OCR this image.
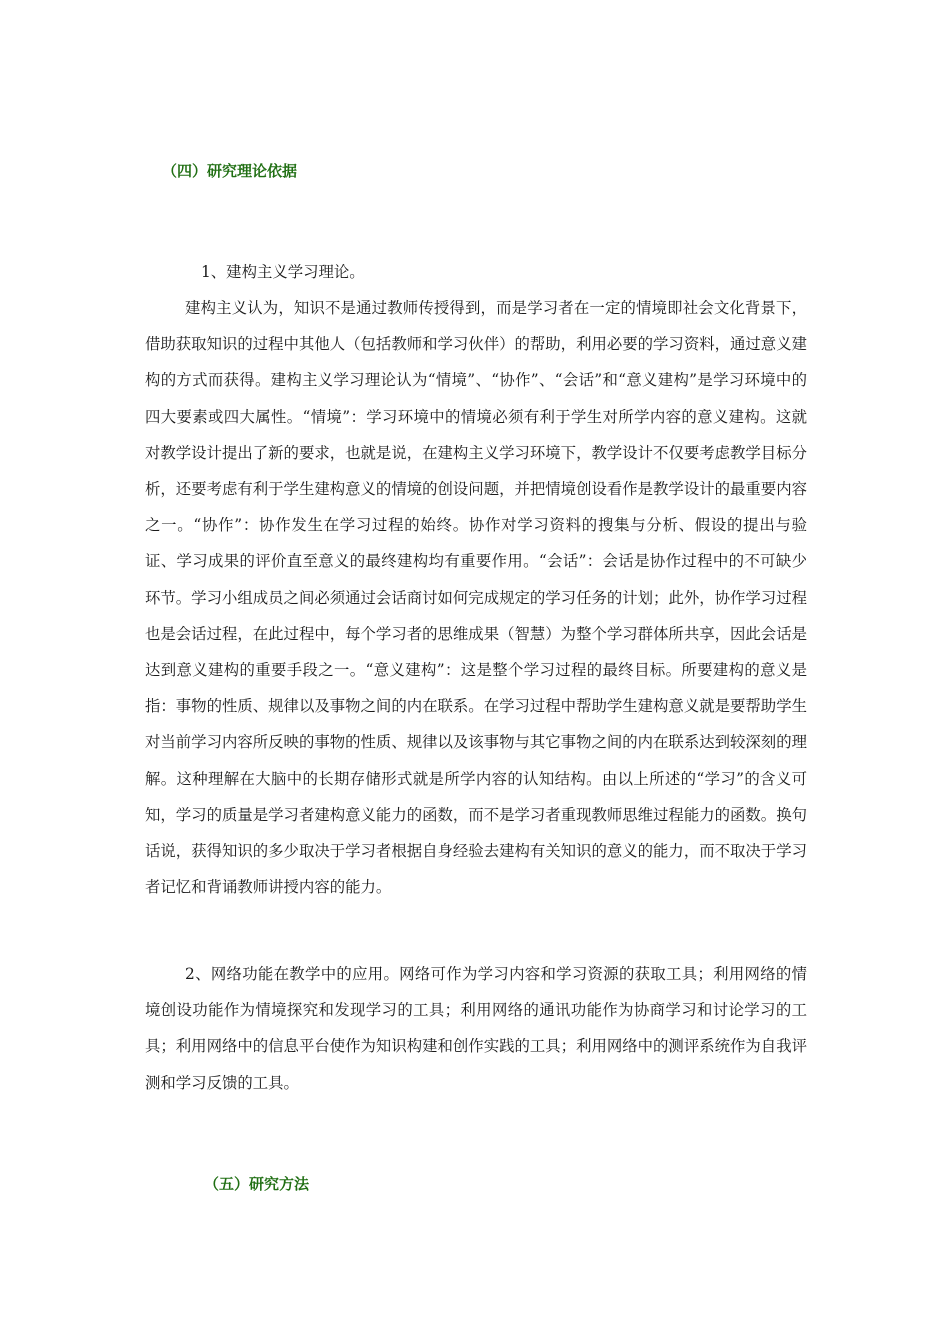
（四）研究理论依据

1、建构主义学习理论。

建构主义认为，知识不是通过教师传授得到，而是学习者在一定的情境即社会文化背景下，借助获取知识的过程中其他人（包括教师和学习伙伴）的帮助，利用必要的学习资料，通过意义建构的方式而获得。建构主义学习理论认为“情境”、“协作”、“会话”和“意义建构”是学习环境中的四大要素或四大属性。“情境”：学习环境中的情境必须有利于学生对所学内容的意义建构。这就对教学设计提出了新的要求，也就是说，在建构主义学习环境下，教学设计不仅要考虑教学目标分析，还要考虑有利于学生建构意义的情境的创设问题，并把情境创设看作是教学设计的最重要内容之一。“协作”：协作发生在学习过程的始终。协作对学习资料的搜集与分析、假设的提出与验证、学习成果的评价直至意义的最终建构均有重要作用。“会话”：会话是协作过程中的不可缺少环节。学习小组成员之间必须通过会话商讨如何完成规定的学习任务的计划；此外，协作学习过程也是会话过程，在此过程中，每个学习者的思维成果（智慧）为整个学习群体所共享，因此会话是达到意义建构的重要手段之一。“意义建构”：这是整个学习过程的最终目标。所要建构的意义是指：事物的性质、规律以及事物之间的内在联系。在学习过程中帮助学生建构意义就是要帮助学生对当前学习内容所反映的事物的性质、规律以及该事物与其它事物之间的内在联系达到较深刻的理解。这种理解在大脑中的长期存储形式就是所学内容的认知结构。由以上所述的“学习”的含义可知，学习的质量是学习者建构意义能力的函数，而不是学习者重现教师思维过程能力的函数。换句话说，获得知识的多少取决于学习者根据自身经验去建构有关知识的意义的能力，而不取决于学习者记忆和背诵教师讲授内容的能力。

2、网络功能在教学中的应用。网络可作为学习内容和学习资源的获取工具；利用网络的情境创设功能作为情境探究和发现学习的工具；利用网络的通讯功能作为协商学习和讨论学习的工具；利用网络中的信息平台使作为知识构建和创作实践的工具；利用网络中的测评系统作为自我评测和学习反馈的工具。

（五）研究方法
